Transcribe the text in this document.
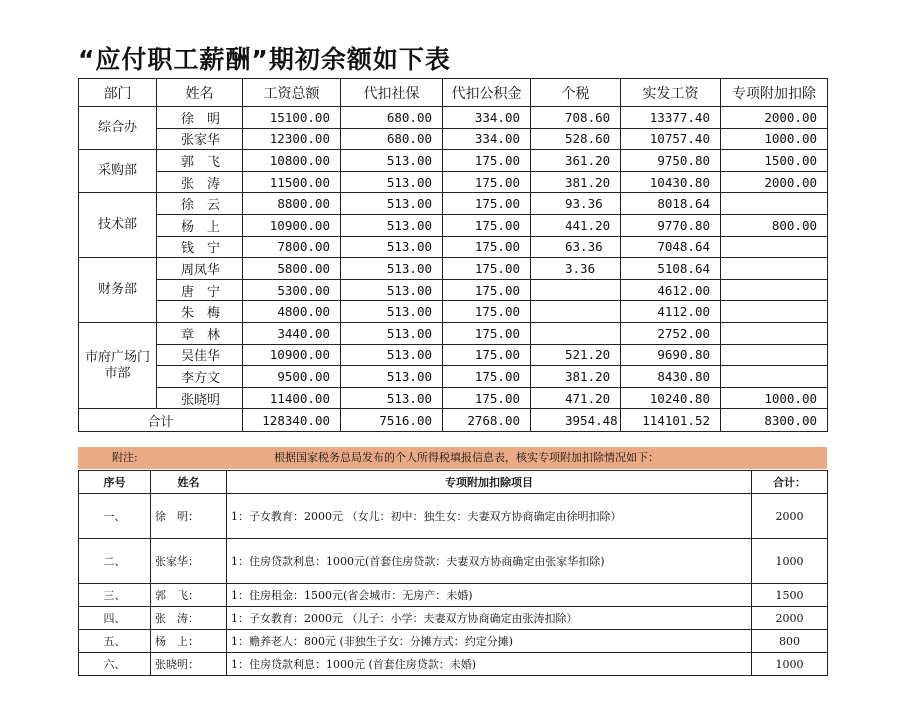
“应付职工薪酬”期初余额如下表
部门	姓名	工资总额	代扣社保	代扣公积金	个税	实发工资	专项附加扣除
综合办	徐　明	15100.00	680.00	334.00	708.60	13377.40	2000.00
	张家华	12300.00	680.00	334.00	528.60	10757.40	1000.00
采购部	郭　飞	10800.00	513.00	175.00	361.20	9750.80	1500.00
	张　涛	11500.00	513.00	175.00	381.20	10430.80	2000.00
技术部	徐　云	8800.00	513.00	175.00	93.36	8018.64	
	杨　上	10900.00	513.00	175.00	441.20	9770.80	800.00
	钱　宁	7800.00	513.00	175.00	63.36	7048.64	
财务部	周凤华	5800.00	513.00	175.00	3.36	5108.64	
	唐　宁	5300.00	513.00	175.00		4612.00	
	朱　梅	4800.00	513.00	175.00		4112.00	
市府广场门市部	章　林	3440.00	513.00	175.00		2752.00	
	吴佳华	10900.00	513.00	175.00	521.20	9690.80	
	李方文	9500.00	513.00	175.00	381.20	8430.80	
	张晓明	11400.00	513.00	175.00	471.20	10240.80	1000.00
合计		128340.00	7516.00	2768.00	3954.48	114101.52	8300.00
附注:	根据国家税务总局发布的个人所得税填报信息表，核实专项附加扣除情况如下：
序号	姓名	专项附加扣除项目	合计：
一、	徐　明：	1：子女教育：2000元 （女儿：初中：独生女：夫妻双方协商确定由徐明扣除）	2000
二、	张家华：	1：住房贷款利息：1000元(首套住房贷款：夫妻双方协商确定由张家华扣除)	1000
三、	郭　飞：	1：住房租金：1500元(省会城市：无房产：未婚)	1500
四、	张　涛：	1：子女教育：2000元 （儿子：小学：夫妻双方协商确定由张涛扣除）	2000
五、	杨　上：	1：赡养老人：800元 (非独生子女：分摊方式：约定分摊)	800
六、	张晓明：	1：住房贷款利息：1000元 (首套住房贷款：未婚)	1000
